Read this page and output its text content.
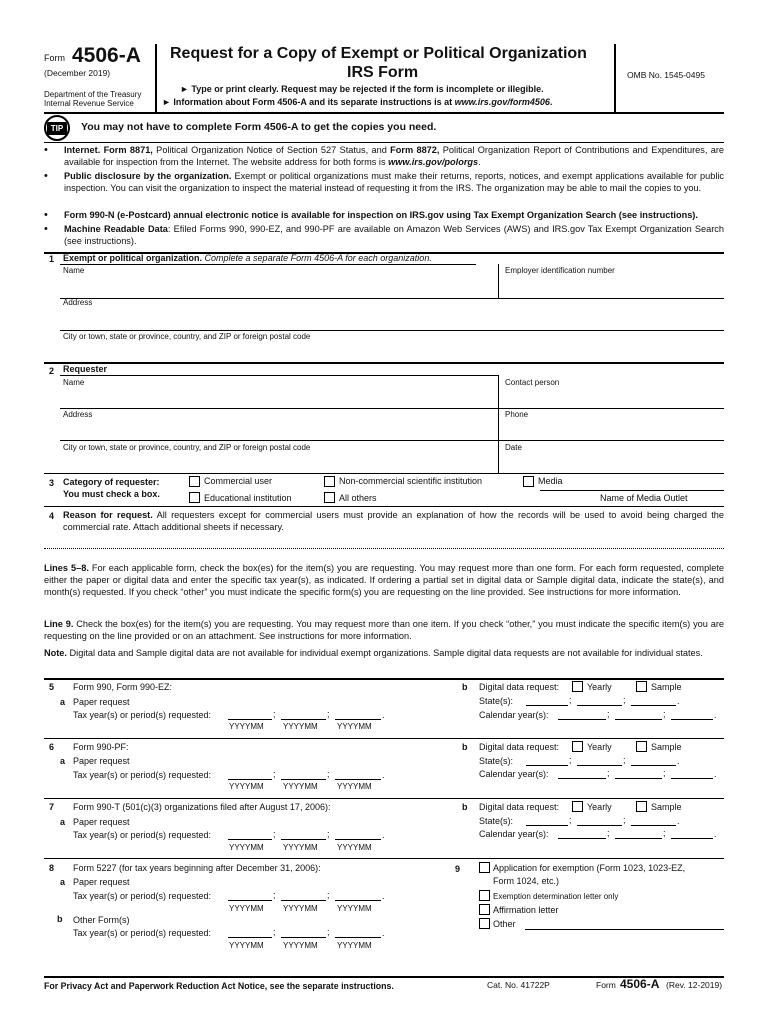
Form 4506-A
(December 2019)
Department of the Treasury
Internal Revenue Service
Request for a Copy of Exempt or Political Organization
IRS Form
► Type or print clearly. Request may be rejected if the form is incomplete or illegible.
► Information about Form 4506-A and its separate instructions is at www.irs.gov/form4506.
OMB No. 1545-0495
TIP	You may not have to complete Form 4506-A to get the copies you need.
• Internet. Form 8871, Political Organization Notice of Section 527 Status, and Form 8872, Political Organization Report of Contributions and Expenditures, are available for inspection from the Internet. The website address for both forms is www.irs.gov/polorgs.
• Public disclosure by the organization. Exempt or political organizations must make their returns, reports, notices, and exempt applications available for public inspection. You can visit the organization to inspect the material instead of requesting it from the IRS. The organization may be able to mail the copies to you.
• Form 990-N (e-Postcard) annual electronic notice is available for inspection on IRS.gov using Tax Exempt Organization Search (see instructions).
• Machine Readable Data: Efiled Forms 990, 990-EZ, and 990-PF are available on Amazon Web Services (AWS) and IRS.gov Tax Exempt Organization Search (see instructions).
1 Exempt or political organization. Complete a separate Form 4506-A for each organization.
Name	Employer identification number
Address
City or town, state or province, country, and ZIP or foreign postal code
2 Requester
Name	Contact person
Address	Phone
City or town, state or province, country, and ZIP or foreign postal code	Date
3 Category of requester:
You must check a box.
Commercial user	Non-commercial scientific institution	Media
Educational institution	All others	Name of Media Outlet
4 Reason for request. All requesters except for commercial users must provide an explanation of how the records will be used to avoid being charged the commercial rate. Attach additional sheets if necessary.
Lines 5–8. For each applicable form, check the box(es) for the item(s) you are requesting. You may request more than one form. For each form requested, complete either the paper or digital data and enter the specific tax year(s), as indicated. If ordering a partial set in digital data or Sample digital data, indicate the state(s), and month(s) requested. If you check “other” you must indicate the specific form(s) you are requesting on the line provided. See instructions for more information.
Line 9. Check the box(es) for the item(s) you are requesting. You may request more than one item. If you check “other,” you must indicate the specific item(s) you are requesting on the line provided or on an attachment. See instructions for more information.
Note. Digital data and Sample digital data are not available for individual exempt organizations. Sample digital data requests are not available for individual states.
5 Form 990, Form 990-EZ:
a Paper request
Tax year(s) or period(s) requested:	;	;	.
YYYYMM YYYYMM YYYYMM
b Digital data request:	Yearly	Sample
State(s):	;	;	.
Calendar year(s):	;	;	.
6 Form 990-PF:
a Paper request
Tax year(s) or period(s) requested:	;	;	.
YYYYMM YYYYMM YYYYMM
b Digital data request:	Yearly	Sample
State(s):	;	;	.
Calendar year(s):	;	;	.
7 Form 990-T (501(c)(3) organizations filed after August 17, 2006):
a Paper request
Tax year(s) or period(s) requested:	;	;	.
YYYYMM YYYYMM YYYYMM
b Digital data request:	Yearly	Sample
State(s):	;	;	.
Calendar year(s):	;	;	.
8 Form 5227 (for tax years beginning after December 31, 2006):
a Paper request
Tax year(s) or period(s) requested:	;	;	.
YYYYMM YYYYMM YYYYMM
b Other Form(s)
Tax year(s) or period(s) requested:	;	;	.
YYYYMM YYYYMM YYYYMM
9	Application for exemption (Form 1023, 1023-EZ,
Form 1024, etc.)
Exemption determination letter only
Affirmation letter
Other
For Privacy Act and Paperwork Reduction Act Notice, see the separate instructions.	Cat. No. 41722P	Form 4506-A (Rev. 12-2019)
